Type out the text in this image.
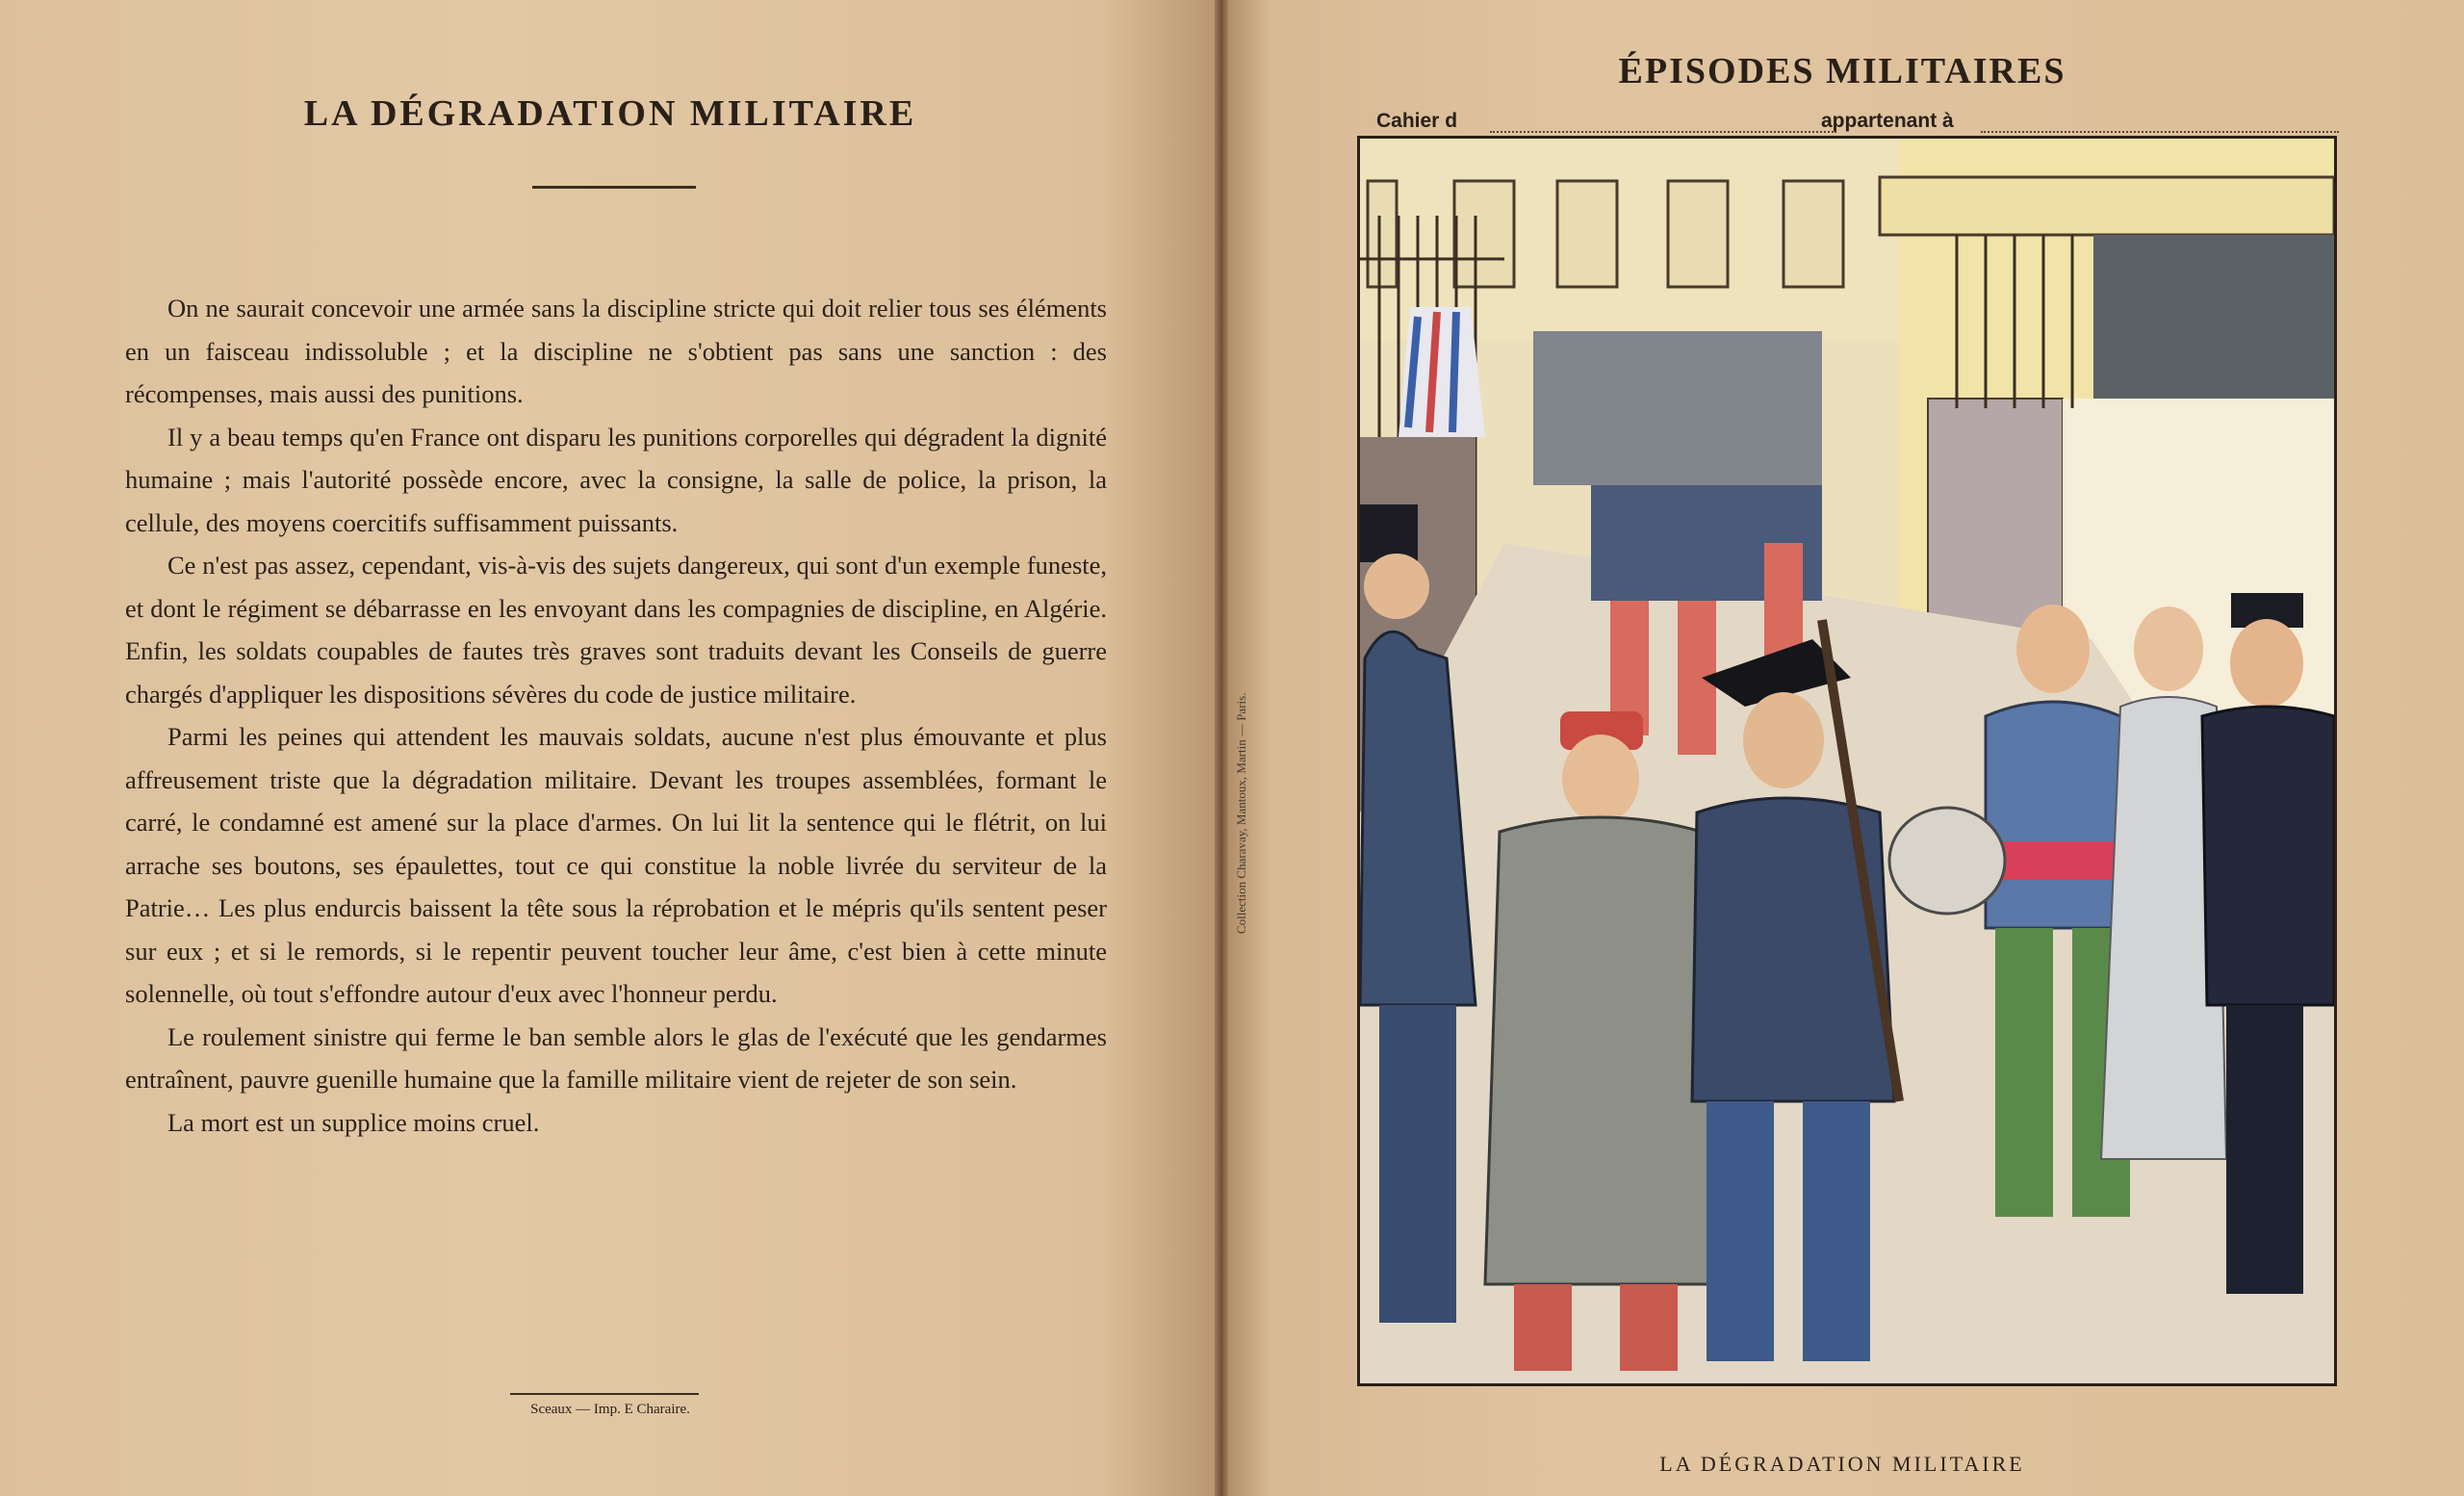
LA DÉGRADATION MILITAIRE

On ne saurait concevoir une armée sans la discipline stricte qui doit relier tous ses éléments en un faisceau indissoluble ; et la discipline ne s'obtient pas sans une sanction : des récompenses, mais aussi des punitions.

Il y a beau temps qu'en France ont disparu les punitions corporelles qui dégradent la dignité humaine ; mais l'autorité possède encore, avec la consigne, la salle de police, la prison, la cellule, des moyens coercitifs suffisamment puissants.

Ce n'est pas assez, cependant, vis-à-vis des sujets dangereux, qui sont d'un exemple funeste, et dont le régiment se débarrasse en les envoyant dans les compagnies de discipline, en Algérie. Enfin, les soldats coupables de fautes très graves sont traduits devant les Conseils de guerre chargés d'appliquer les dispositions sévères du code de justice militaire.

Parmi les peines qui attendent les mauvais soldats, aucune n'est plus émouvante et plus affreusement triste que la dégradation militaire. Devant les troupes assemblées, formant le carré, le condamné est amené sur la place d'armes. On lui lit la sentence qui le flétrit, on lui arrache ses boutons, ses épaulettes, tout ce qui constitue la noble livrée du serviteur de la Patrie… Les plus endurcis baissent la tête sous la réprobation et le mépris qu'ils sentent peser sur eux ; et si le remords, si le repentir peuvent toucher leur âme, c'est bien à cette minute solennelle, où tout s'effondre autour d'eux avec l'honneur perdu.

Le roulement sinistre qui ferme le ban semble alors le glas de l'exécuté que les gendarmes entraînent, pauvre guenille humaine que la famille militaire vient de rejeter de son sein.

La mort est un supplice moins cruel.

Sceaux — Imp. E Charaire.
ÉPISODES MILITAIRES
Cahier d	appartenant à
Collection Charavay, Mantoux, Martin — Paris.
LA DÉGRADATION MILITAIRE
